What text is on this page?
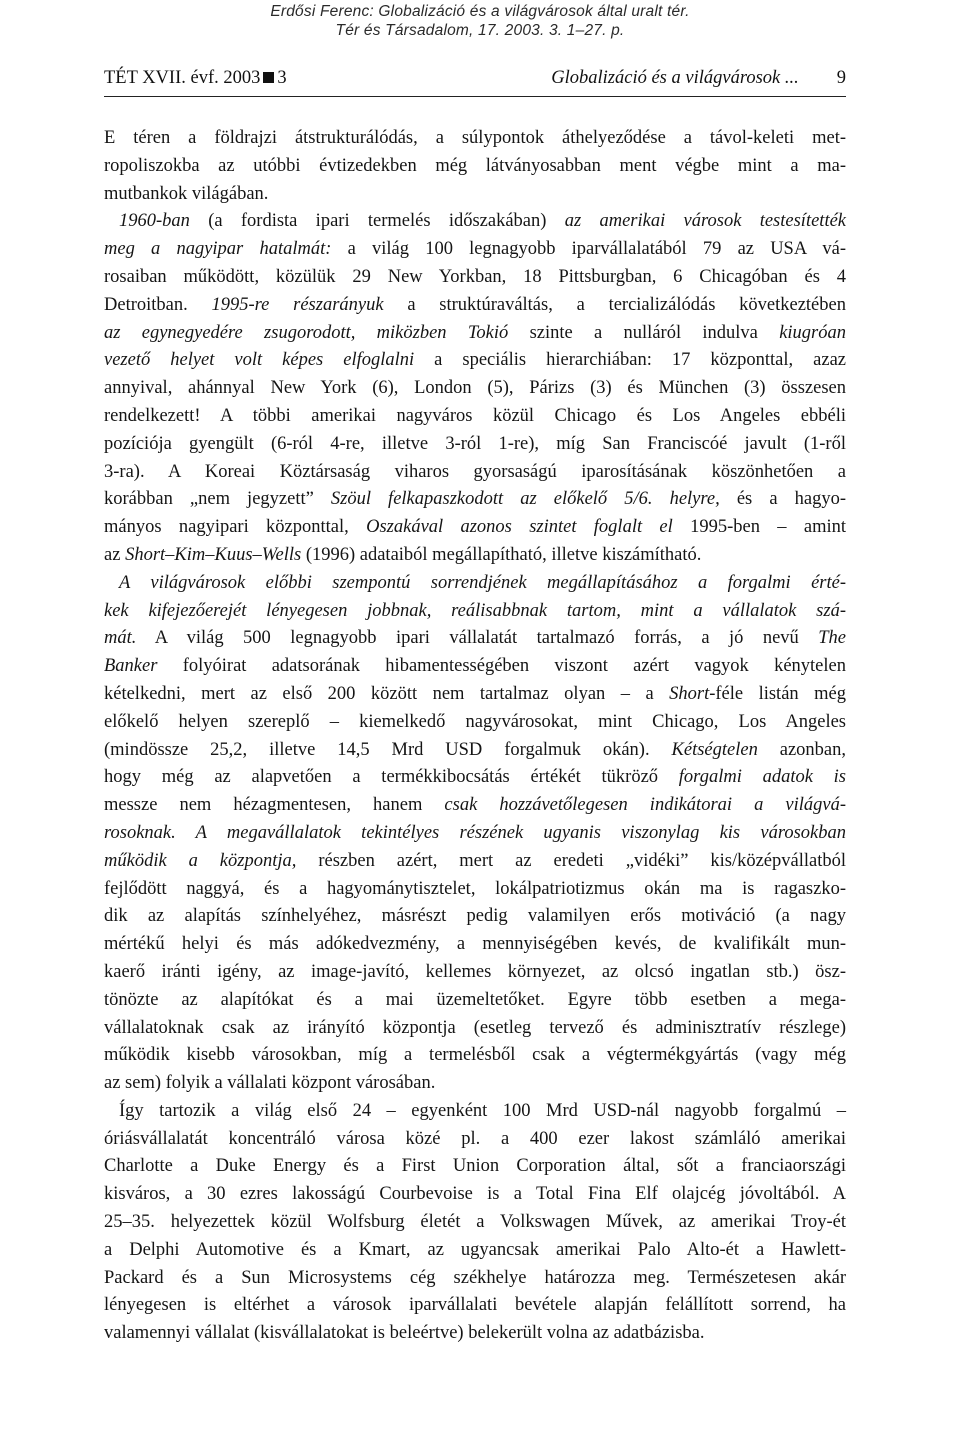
Erdősi Ferenc: Globalizáció és a világvárosok által uralt tér.
Tér és Társadalom, 17. 2003. 3. 1–27. p.
TÉT XVII. évf. 2003 3	Globalizáció és a világvárosok ... 9
E téren a földrajzi átstrukturálódás, a súlypontok áthelyeződése a távol-keleti met-
ropoliszokba az utóbbi évtizedekben még látványosabban ment végbe mint a ma-
mutbankok világában.
1960-ban (a fordista ipari termelés időszakában) az amerikai városok testesítették
meg a nagyipar hatalmát: a világ 100 legnagyobb iparvállalatából 79 az USA vá-
rosaiban működött, közülük 29 New Yorkban, 18 Pittsburgban, 6 Chicagóban és 4
Detroitban. 1995-re részarányuk a struktúraváltás, a tercializálódás következtében
az egynegyedére zsugorodott, miközben Tokió szinte a nulláról indulva kiugróan
vezető helyet volt képes elfoglalni a speciális hierarchiában: 17 központtal, azaz
annyival, ahánnyal New York (6), London (5), Párizs (3) és München (3) összesen
rendelkezett! A többi amerikai nagyváros közül Chicago és Los Angeles ebbéli
pozíciója gyengült (6-ról 4-re, illetve 3-ról 1-re), míg San Franciscóé javult (1-ről
3-ra). A Koreai Köztársaság viharos gyorsaságú iparosításának köszönhetően a
korábban „nem jegyzett” Szöul felkapaszkodott az előkelő 5/6. helyre, és a hagyo-
mányos nagyipari központtal, Oszakával azonos szintet foglalt el 1995-ben – amint
az Short–Kim–Kuus–Wells (1996) adataiból megállapítható, illetve kiszámítható.
A világvárosok előbbi szempontú sorrendjének megállapításához a forgalmi érté-
kek kifejezőerejét lényegesen jobbnak, reálisabbnak tartom, mint a vállalatok szá-
mát. A világ 500 legnagyobb ipari vállalatát tartalmazó forrás, a jó nevű The
Banker folyóirat adatsorának hibamentességében viszont azért vagyok kénytelen
kételkedni, mert az első 200 között nem tartalmaz olyan – a Short-féle listán még
előkelő helyen szereplő – kiemelkedő nagyvárosokat, mint Chicago, Los Angeles
(mindössze 25,2, illetve 14,5 Mrd USD forgalmuk okán). Kétségtelen azonban,
hogy még az alapvetően a termékkibocsátás értékét tükröző forgalmi adatok is
messze nem hézagmentesen, hanem csak hozzávetőlegesen indikátorai a világvá-
rosoknak. A megavállalatok tekintélyes részének ugyanis viszonylag kis városokban
működik a központja, részben azért, mert az eredeti „vidéki” kis/középvállatból
fejlődött naggyá, és a hagyománytisztelet, lokálpatriotizmus okán ma is ragaszko-
dik az alapítás színhelyéhez, másrészt pedig valamilyen erős motiváció (a nagy
mértékű helyi és más adókedvezmény, a mennyiségében kevés, de kvalifikált mun-
kaerő iránti igény, az image-javító, kellemes környezet, az olcsó ingatlan stb.) ösz-
tönözte az alapítókat és a mai üzemeltetőket. Egyre több esetben a mega-
vállalatoknak csak az irányító központja (esetleg tervező és adminisztratív részlege)
működik kisebb városokban, míg a termelésből csak a végtermékgyártás (vagy még
az sem) folyik a vállalati központ városában.
Így tartozik a világ első 24 – egyenként 100 Mrd USD-nál nagyobb forgalmú –
óriásvállalatát koncentráló városa közé pl. a 400 ezer lakost számláló amerikai
Charlotte a Duke Energy és a First Union Corporation által, sőt a franciaországi
kisváros, a 30 ezres lakosságú Courbevoise is a Total Fina Elf olajcég jóvoltából. A
25–35. helyezettek közül Wolfsburg életét a Volkswagen Művek, az amerikai Troy-ét
a Delphi Automotive és a Kmart, az ugyancsak amerikai Palo Alto-ét a Hawlett-
Packard és a Sun Microsystems cég székhelye határozza meg. Természetesen akár
lényegesen is eltérhet a városok iparvállalati bevétele alapján felállított sorrend, ha
valamennyi vállalat (kisvállalatokat is beleértve) belekerült volna az adatbázisba.
